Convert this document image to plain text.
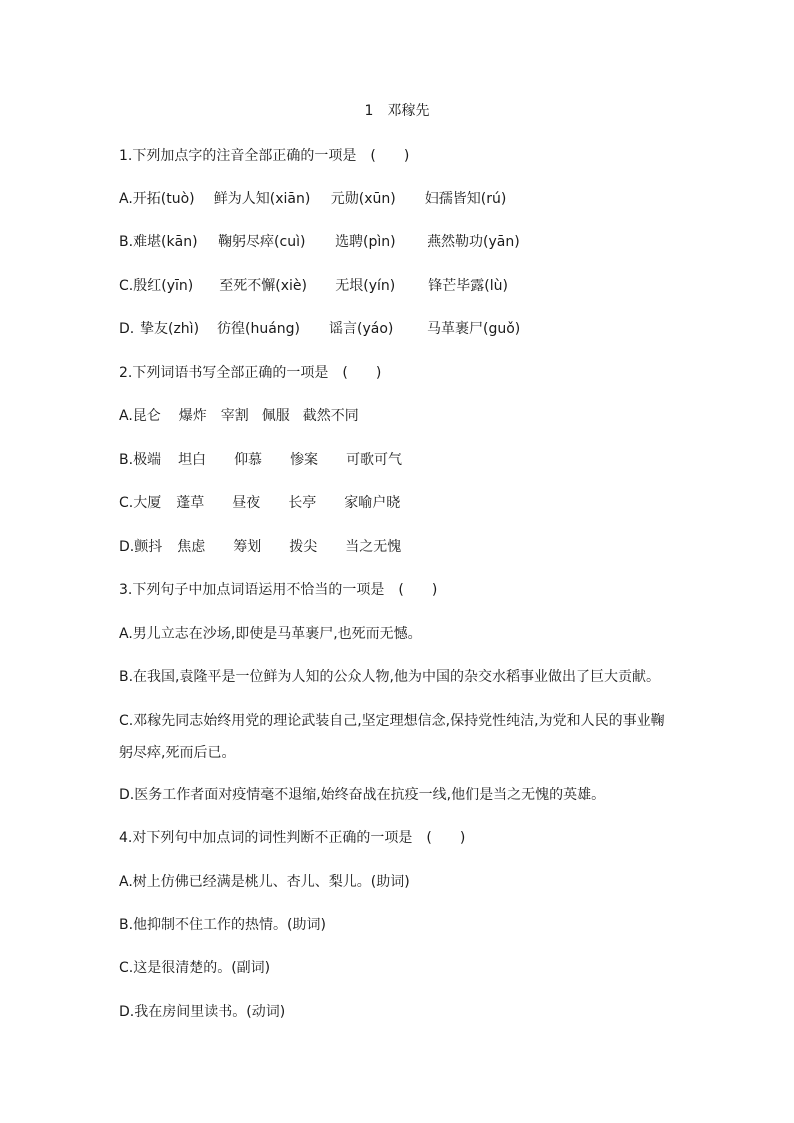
1 邓稼先
1.下列加点字的注音全部正确的一项是 (　　)
A. 开拓(tuò)	鲜为人知(xiān)	元勋(xūn)	妇孺皆知(rú)
B. 难堪(kān)	鞠躬尽瘁(cuì)	选聘(pìn)	燕然勒功(yān)
C. 殷红(yīn)	至死不懈(xiè)	无垠(yín)	锋芒毕露(lù)
D. 挚友(zhì)	彷徨(huáng)	谣言(yáo)	马革裹尸(guǒ)
2.下列词语书写全部正确的一项是 (　　)
A. 昆仑	爆炸	宰割 佩服 截然不同
B. 极端	坦白	仰慕	惨案	可歌可气
C. 大厦	蓬草	昼夜	长亭	家喻户晓
D. 颤抖	焦虑	筹划	拨尖	当之无愧
3.下列句子中加点词语运用不恰当的一项是 (　　)
A.男儿立志在沙场,即使是马革裹尸,也死而无憾。
B.在我国,袁隆平是一位鲜为人知的公众人物,他为中国的杂交水稻事业做出了巨大贡献。
C.邓稼先同志始终用党的理论武装自己,坚定理想信念,保持党性纯洁,为党和人民的事业鞠躬尽瘁,死而后已。
D.医务工作者面对疫情毫不退缩,始终奋战在抗疫一线,他们是当之无愧的英雄。
4.对下列句中加点词的词性判断不正确的一项是 (　　)
A.树上仿佛已经满是桃儿、杏儿、梨儿。(助词)
B.他抑制不住工作的热情。(助词)
C.这是很清楚的。(副词)
D.我在房间里读书。(动词)
